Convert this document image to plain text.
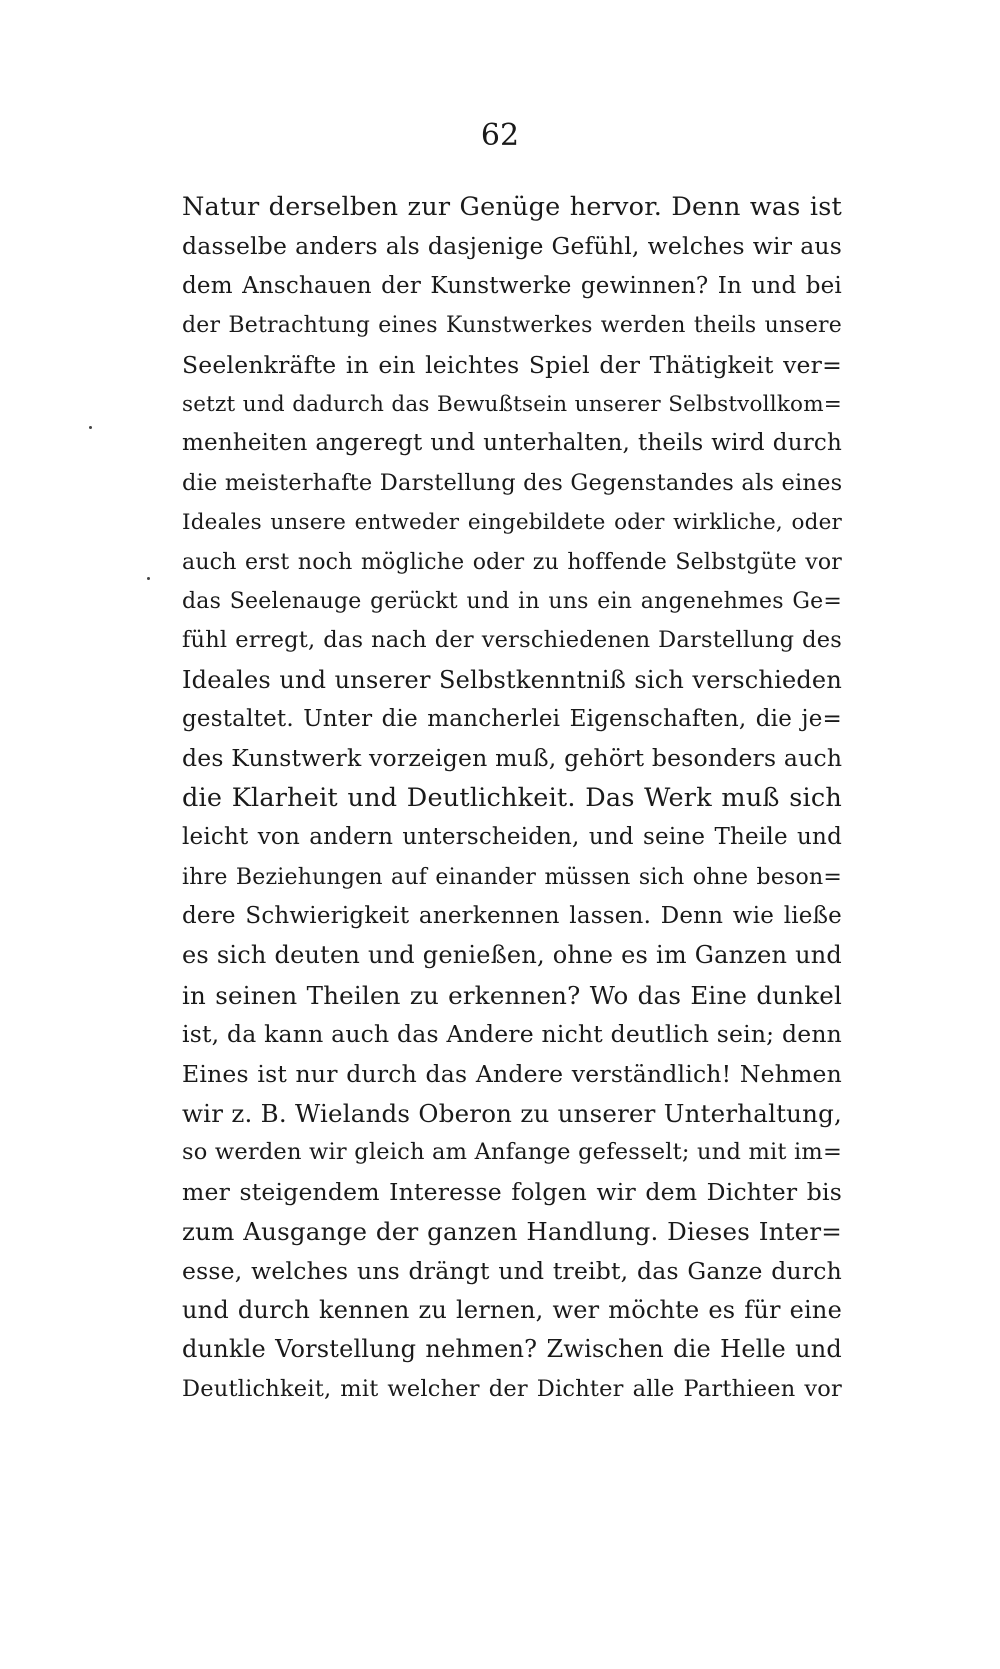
62
Natur derselben zur Genüge hervor. Denn was ist
dasselbe anders als dasjenige Gefühl, welches wir aus
dem Anschauen der Kunstwerke gewinnen? In und bei
der Betrachtung eines Kunstwerkes werden theils unsere
Seelenkräfte in ein leichtes Spiel der Thätigkeit ver=
setzt und dadurch das Bewußtsein unserer Selbstvollkom=
menheiten angeregt und unterhalten, theils wird durch
die meisterhafte Darstellung des Gegenstandes als eines
Ideales unsere entweder eingebildete oder wirkliche, oder
auch erst noch mögliche oder zu hoffende Selbstgüte vor
das Seelenauge gerückt und in uns ein angenehmes Ge=
fühl erregt, das nach der verschiedenen Darstellung des
Ideales und unserer Selbstkenntniß sich verschieden
gestaltet. Unter die mancherlei Eigenschaften, die je=
des Kunstwerk vorzeigen muß, gehört besonders auch
die Klarheit und Deutlichkeit. Das Werk muß sich
leicht von andern unterscheiden, und seine Theile und
ihre Beziehungen auf einander müssen sich ohne beson=
dere Schwierigkeit anerkennen lassen. Denn wie ließe
es sich deuten und genießen, ohne es im Ganzen und
in seinen Theilen zu erkennen? Wo das Eine dunkel
ist, da kann auch das Andere nicht deutlich sein; denn
Eines ist nur durch das Andere verständlich! Nehmen
wir z. B. Wielands Oberon zu unserer Unterhaltung,
so werden wir gleich am Anfange gefesselt; und mit im=
mer steigendem Interesse folgen wir dem Dichter bis
zum Ausgange der ganzen Handlung. Dieses Inter=
esse, welches uns drängt und treibt, das Ganze durch
und durch kennen zu lernen, wer möchte es für eine
dunkle Vorstellung nehmen? Zwischen die Helle und
Deutlichkeit, mit welcher der Dichter alle Parthieen vor
